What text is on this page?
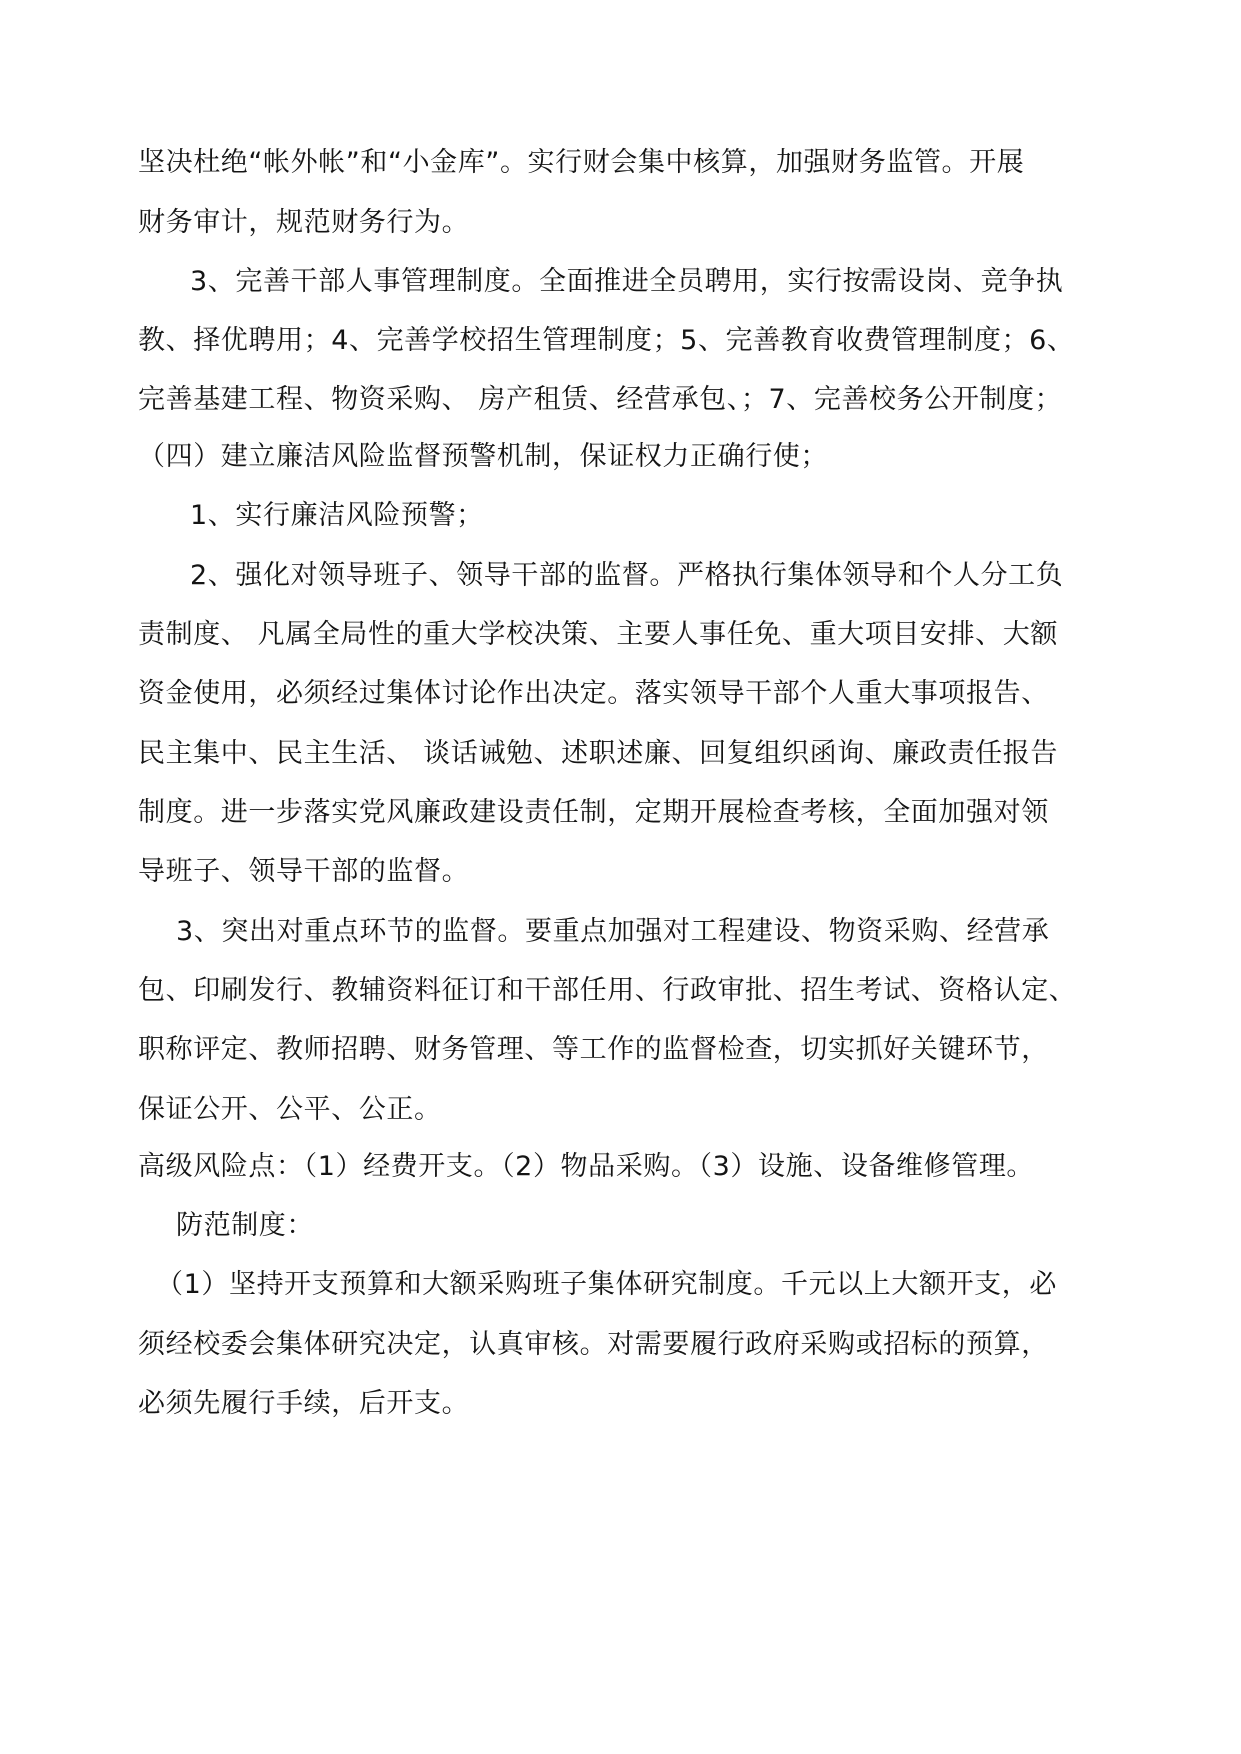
坚决杜绝“帐外帐”和“小金库”。实行财会集中核算，加强财务监管。开展
财务审计，规范财务行为。
3、完善干部人事管理制度。全面推进全员聘用，实行按需设岗、竞争执
教、择优聘用；4、完善学校招生管理制度；5、完善教育收费管理制度；6、
完善基建工程、物资采购、 房产租赁、经营承包、；7、完善校务公开制度；
（四）建立廉洁风险监督预警机制，保证权力正确行使；
1、实行廉洁风险预警；
2、强化对领导班子、领导干部的监督。严格执行集体领导和个人分工负
责制度、 凡属全局性的重大学校决策、主要人事任免、重大项目安排、大额
资金使用，必须经过集体讨论作出决定。落实领导干部个人重大事项报告、
民主集中、民主生活、 谈话诫勉、述职述廉、回复组织函询、廉政责任报告
制度。进一步落实党风廉政建设责任制，定期开展检查考核，全面加强对领
导班子、领导干部的监督。
3、突出对重点环节的监督。要重点加强对工程建设、物资采购、经营承
包、印刷发行、教辅资料征订和干部任用、行政审批、招生考试、资格认定、
职称评定、教师招聘、财务管理、等工作的监督检查，切实抓好关键环节，
保证公开、公平、公正。
高级风险点：（1）经费开支。（2）物品采购。（3）设施、设备维修管理。
防范制度：
（1）坚持开支预算和大额采购班子集体研究制度。千元以上大额开支，必
须经校委会集体研究决定，认真审核。对需要履行政府采购或招标的预算，
必须先履行手续，后开支。
